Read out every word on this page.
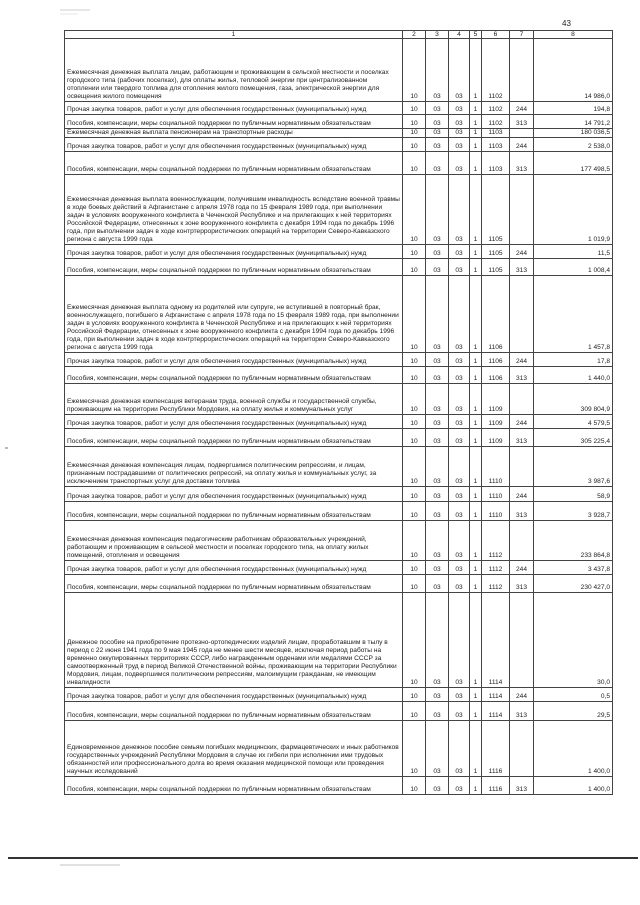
43
1	2	3	4	5	6	7	8
Ежемесячная денежная выплата лицам, работающим и проживающим в сельской местности и поселках городского типа (рабочих поселках), для оплаты жилья, тепловой энергии при централизованном отоплении или твердого топлива для отопления жилого помещения, газа, электрической энергии для освещения жилого помещения	10	03	03	1	1102		14 986,0
Прочая закупка товаров, работ и услуг для обеспечения государственных (муниципальных) нужд	10	03	03	1	1102	244	194,8
Пособия, компенсации, меры социальной поддержки по публичным нормативным обязательствам	10	03	03	1	1102	313	14 791,2
Ежемесячная денежная выплата пенсионерам на транспортные расходы	10	03	03	1	1103		180 036,5
Прочая закупка товаров, работ и услуг для обеспечения государственных (муниципальных) нужд	10	03	03	1	1103	244	2 538,0
Пособия, компенсации, меры социальной поддержки по публичным нормативным обязательствам	10	03	03	1	1103	313	177 498,5
Ежемесячная денежная выплата военнослужащим, получившим инвалидность вследствие военной травмы в ходе боевых действий в Афганистане с апреля 1978 года по 15 февраля 1989 года, при выполнении задач в условиях вооруженного конфликта в Чеченской Республике и на прилегающих к ней территориях Российской Федерации, отнесенных к зоне вооруженного конфликта с декабря 1994 года по декабрь 1996 года, при выполнении задач в ходе контртеррористических операций на территории Северо-Кавказского региона с августа 1999 года	10	03	03	1	1105		1 019,9
Прочая закупка товаров, работ и услуг для обеспечения государственных (муниципальных) нужд	10	03	03	1	1105	244	11,5
Пособия, компенсации, меры социальной поддержки по публичным нормативным обязательствам	10	03	03	1	1105	313	1 008,4
Ежемесячная денежная выплата одному из родителей или супруге, не вступившей в повторный брак, военнослужащего, погибшего в Афганистане с апреля 1978 года по 15 февраля 1989 года, при выполнении задач в условиях вооруженного конфликта в Чеченской Республике и на прилегающих к ней территориях Российской Федерации, отнесенных к зоне вооруженного конфликта с декабря 1994 года по декабрь 1996 года, при выполнении задач в ходе контртеррористических операций на территории Северо-Кавказского региона с августа 1999 года	10	03	03	1	1106		1 457,8
Прочая закупка товаров, работ и услуг для обеспечения государственных (муниципальных) нужд	10	03	03	1	1106	244	17,8
Пособия, компенсации, меры социальной поддержки по публичным нормативным обязательствам	10	03	03	1	1106	313	1 440,0
Ежемесячная денежная компенсация ветеранам труда, военной службы и государственной службы, проживающим на территории Республики Мордовия, на оплату жилья и коммунальных услуг	10	03	03	1	1109		309 804,9
Прочая закупка товаров, работ и услуг для обеспечения государственных (муниципальных) нужд	10	03	03	1	1109	244	4 579,5
Пособия, компенсации, меры социальной поддержки по публичным нормативным обязательствам	10	03	03	1	1109	313	305 225,4
Ежемесячная денежная компенсация лицам, подвергшимся политическим репрессиям, и лицам, признанным пострадавшими от политических репрессий, на оплату жилья и коммунальных услуг, за исключением транспортных услуг для доставки топлива	10	03	03	1	1110		3 987,6
Прочая закупка товаров, работ и услуг для обеспечения государственных (муниципальных) нужд	10	03	03	1	1110	244	58,9
Пособия, компенсации, меры социальной поддержки по публичным нормативным обязательствам	10	03	03	1	1110	313	3 928,7
Ежемесячная денежная компенсация педагогическим работникам образовательных учреждений, работающим и проживающим в сельской местности и поселках городского типа, на оплату жилых помещений, отопления и освещения	10	03	03	1	1112		233 864,8
Прочая закупка товаров, работ и услуг для обеспечения государственных (муниципальных) нужд	10	03	03	1	1112	244	3 437,8
Пособия, компенсации, меры социальной поддержки по публичным нормативным обязательствам	10	03	03	1	1112	313	230 427,0
Денежное пособие на приобретение протезно-ортопедических изделий лицам, проработавшим в тылу в период с 22 июня 1941 года по 9 мая 1945 года не менее шести месяцев, исключая период работы на временно оккупированных территориях СССР, либо награжденным орденами или медалями СССР за самоотверженный труд в период Великой Отечественной войны, проживающим на территории Республики Мордовия, лицам, подвергшимся политическим репрессиям, малоимущим гражданам, не имеющим инвалидности	10	03	03	1	1114		30,0
Прочая закупка товаров, работ и услуг для обеспечения государственных (муниципальных) нужд	10	03	03	1	1114	244	0,5
Пособия, компенсации, меры социальной поддержки по публичным нормативным обязательствам	10	03	03	1	1114	313	29,5
Единовременное денежное пособие семьям погибших медицинских, фармацевтических и иных работников государственных учреждений Республики Мордовия в случае их гибели при исполнении ими трудовых обязанностей или профессионального долга во время оказания медицинской помощи или проведения научных исследований	10	03	03	1	1116		1 400,0
Пособия, компенсации, меры социальной поддержки по публичным нормативным обязательствам	10	03	03	1	1116	313	1 400,0
